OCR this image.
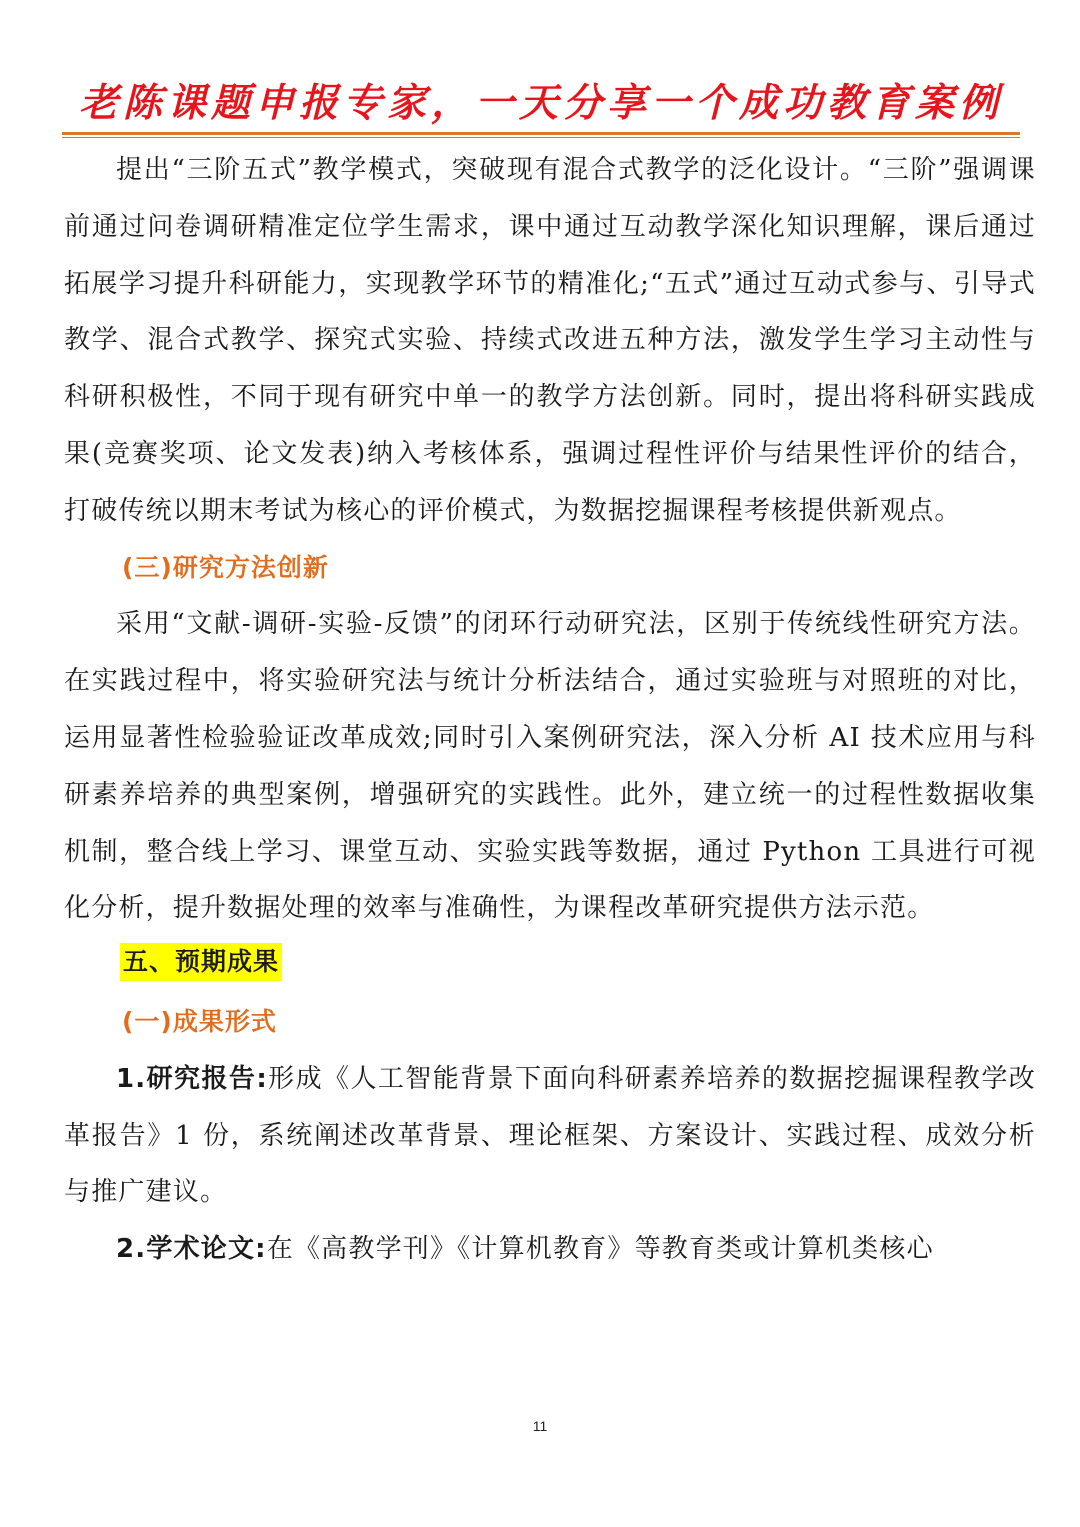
老陈课题申报专家，一天分享一个成功教育案例

提出“三阶五式”教学模式，突破现有混合式教学的泛化设计。“三阶”强调课前通过问卷调研精准定位学生需求，课中通过互动教学深化知识理解，课后通过拓展学习提升科研能力，实现教学环节的精准化;“五式”通过互动式参与、引导式教学、混合式教学、探究式实验、持续式改进五种方法，激发学生学习主动性与科研积极性，不同于现有研究中单一的教学方法创新。同时，提出将科研实践成果(竞赛奖项、论文发表)纳入考核体系，强调过程性评价与结果性评价的结合，打破传统以期末考试为核心的评价模式，为数据挖掘课程考核提供新观点。

(三)研究方法创新

采用“文献-调研-实验-反馈”的闭环行动研究法，区别于传统线性研究方法。在实践过程中，将实验研究法与统计分析法结合，通过实验班与对照班的对比，运用显著性检验验证改革成效;同时引入案例研究法，深入分析 AI 技术应用与科研素养培养的典型案例，增强研究的实践性。此外，建立统一的过程性数据收集机制，整合线上学习、课堂互动、实验实践等数据，通过 Python 工具进行可视化分析，提升数据处理的效率与准确性，为课程改革研究提供方法示范。

五、预期成果

(一)成果形式

1.研究报告:形成《人工智能背景下面向科研素养培养的数据挖掘课程教学改革报告》1 份，系统阐述改革背景、理论框架、方案设计、实践过程、成效分析与推广建议。

2.学术论文:在《高教学刊》《计算机教育》等教育类或计算机类核心

11
